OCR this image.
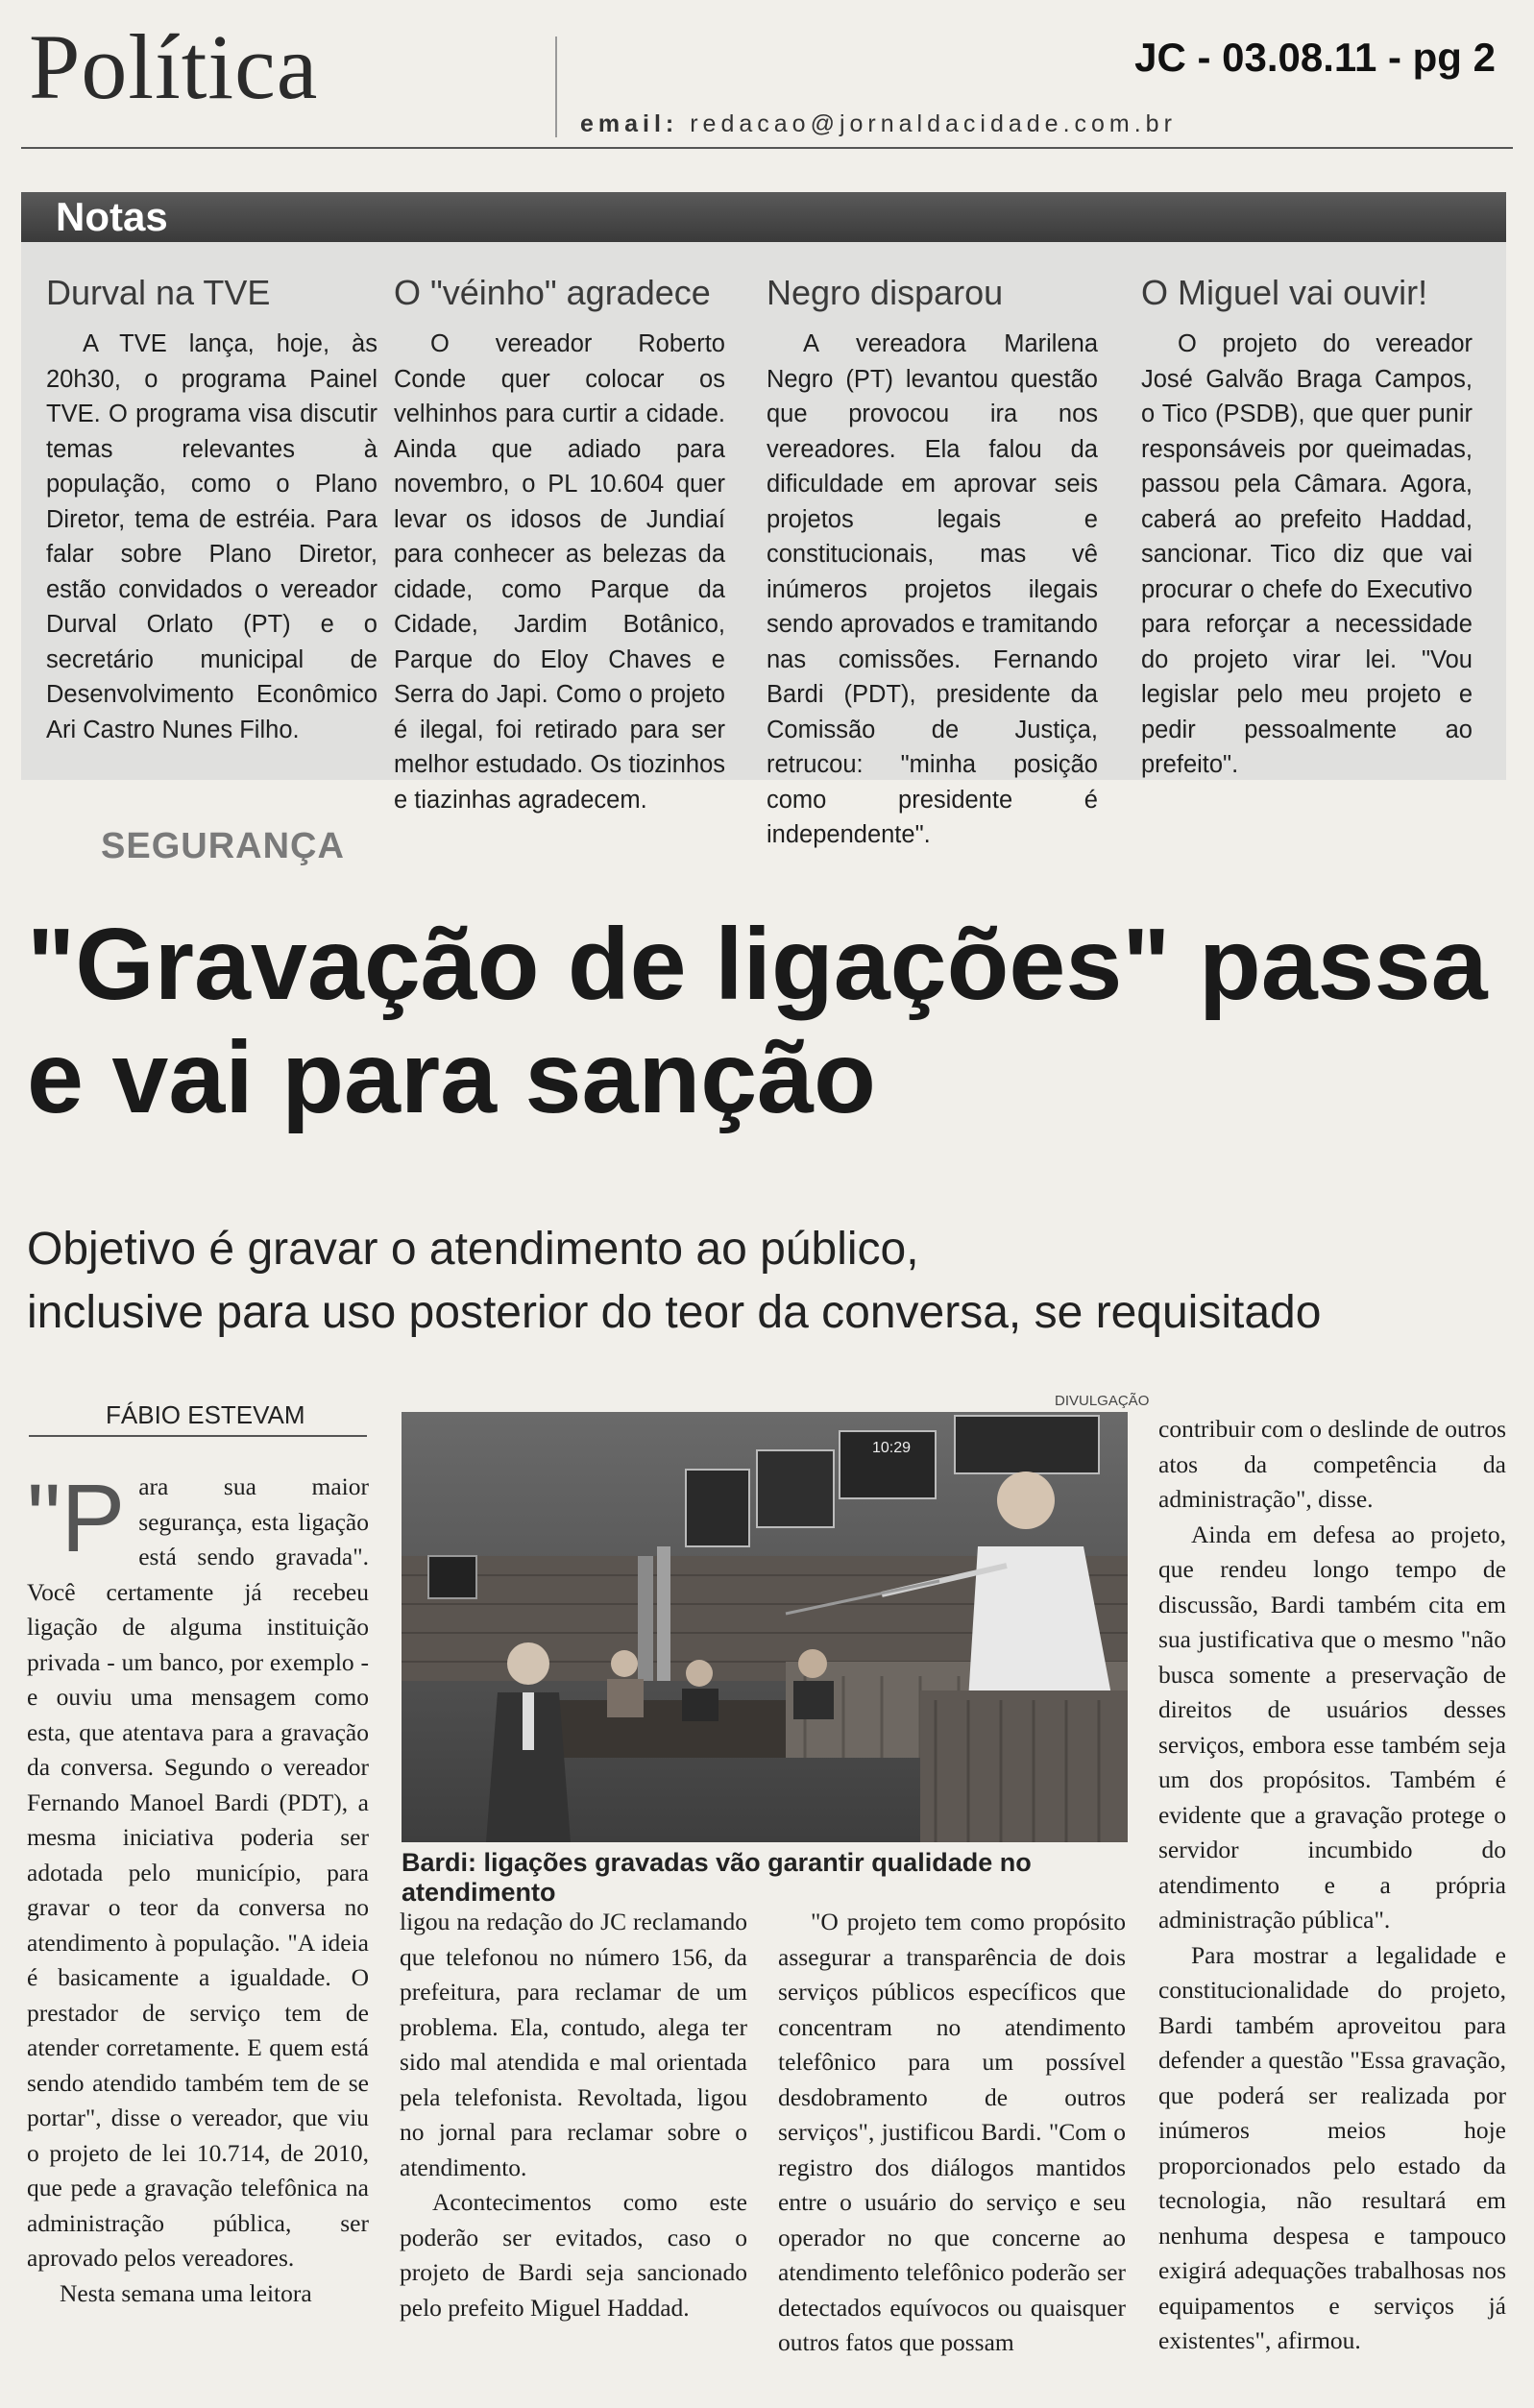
Política	JC - 03.08.11 - pg 2
email: redacao@jornaldacidade.com.br
Notas
Durval na TVE

A TVE lança, hoje, às 20h30, o programa Painel TVE. O programa visa discutir temas relevantes à população, como o Plano Diretor, tema de estréia. Para falar sobre Plano Diretor, estão convidados o vereador Durval Orlato (PT) e o secretário municipal de Desenvolvimento Econômico Ari Castro Nunes Filho.

O "véinho" agradece

O vereador Roberto Conde quer colocar os velhinhos para curtir a cidade. Ainda que adiado para novembro, o PL 10.604 quer levar os idosos de Jundiaí para conhecer as belezas da cidade, como Parque da Cidade, Jardim Botânico, Parque do Eloy Chaves e Serra do Japi. Como o projeto é ilegal, foi retirado para ser melhor estudado. Os tiozinhos e tiazinhas agradecem.

Negro disparou

A vereadora Marilena Negro (PT) levantou questão que provocou ira nos vereadores. Ela falou da dificuldade em aprovar seis projetos legais e constitucionais, mas vê inúmeros projetos ilegais sendo aprovados e tramitando nas comissões. Fernando Bardi (PDT), presidente da Comissão de Justiça, retrucou: "minha posição como presidente é independente".

O Miguel vai ouvir!

O projeto do vereador José Galvão Braga Campos, o Tico (PSDB), que quer punir responsáveis por queimadas, passou pela Câmara. Agora, caberá ao prefeito Haddad, sancionar. Tico diz que vai procurar o chefe do Executivo para reforçar a necessidade do projeto virar lei. "Vou legislar pelo meu projeto e pedir pessoalmente ao prefeito".

SEGURANÇA
"Gravação de ligações" passa e vai para sanção
Objetivo é gravar o atendimento ao público,
inclusive para uso posterior do teor da conversa, se requisitado
FÁBIO ESTEVAM

"Para sua maior segurança, esta ligação está sendo gravada". Você certamente já recebeu ligação de alguma instituição privada - um banco, por exemplo - e ouviu uma mensagem como esta, que atentava para a gravação da conversa. Segundo o vereador Fernando Manoel Bardi (PDT), a mesma iniciativa poderia ser adotada pelo município, para gravar o teor da conversa no atendimento à população. "A ideia é basicamente a igualdade. O prestador de serviço tem de atender corretamente. E quem está sendo atendido também tem de se portar", disse o vereador, que viu o projeto de lei 10.714, de 2010, que pede a gravação telefônica na administração pública, ser aprovado pelos vereadores.

Nesta semana uma leitora

DIVULGAÇÃO
10:29
Bardi: ligações gravadas vão garantir qualidade no atendimento

ligou na redação do JC reclamando que telefonou no número 156, da prefeitura, para reclamar de um problema. Ela, contudo, alega ter sido mal atendida e mal orientada pela telefonista. Revoltada, ligou no jornal para reclamar sobre o atendimento.

Acontecimentos como este poderão ser evitados, caso o projeto de Bardi seja sancionado pelo prefeito Miguel Haddad.

"O projeto tem como propósito assegurar a transparência de dois serviços públicos específicos que concentram no atendimento telefônico para um possível desdobramento de outros serviços", justificou Bardi. "Com o registro dos diálogos mantidos entre o usuário do serviço e seu operador no que concerne ao atendimento telefônico poderão ser detectados equívocos ou quaisquer outros fatos que possam

contribuir com o deslinde de outros atos da competência da administração", disse.

Ainda em defesa ao projeto, que rendeu longo tempo de discussão, Bardi também cita em sua justificativa que o mesmo "não busca somente a preservação de direitos de usuários desses serviços, embora esse também seja um dos propósitos. Também é evidente que a gravação protege o servidor incumbido do atendimento e a própria administração pública".

Para mostrar a legalidade e constitucionalidade do projeto, Bardi também aproveitou para defender a questão "Essa gravação, que poderá ser realizada por inúmeros meios hoje proporcionados pelo estado da tecnologia, não resultará em nenhuma despesa e tampouco exigirá adequações trabalhosas nos equipamentos e serviços já existentes", afirmou.
